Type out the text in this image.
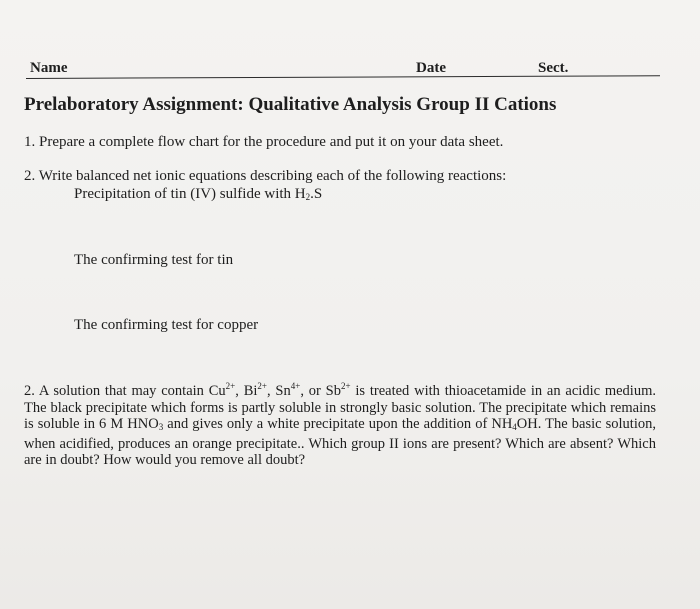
Name	Date	Sect.
Prelaboratory Assignment: Qualitative Analysis Group II Cations
1. Prepare a complete flow chart for the procedure and put it on your data sheet.
2. Write balanced net ionic equations describing each of the following reactions:
Precipitation of tin (IV) sulfide with $H_2.S$
The confirming test for tin
The confirming test for copper
2. A solution that may contain $Cu^{2+}$, $Bi^{2+}$, $Sn^{4+}$, or $Sb^{2+}$ is treated with thioacetamide in an acidic medium. The black precipitate which forms is partly soluble in strongly basic solution. The precipitate which remains is soluble in 6 M $HNO_3$ and gives only a white precipitate upon the addition of $NH_4OH$. The basic solution, when acidified, produces an orange precipitate.. Which group II ions are present? Which are absent? Which are in doubt? How would you remove all doubt?
